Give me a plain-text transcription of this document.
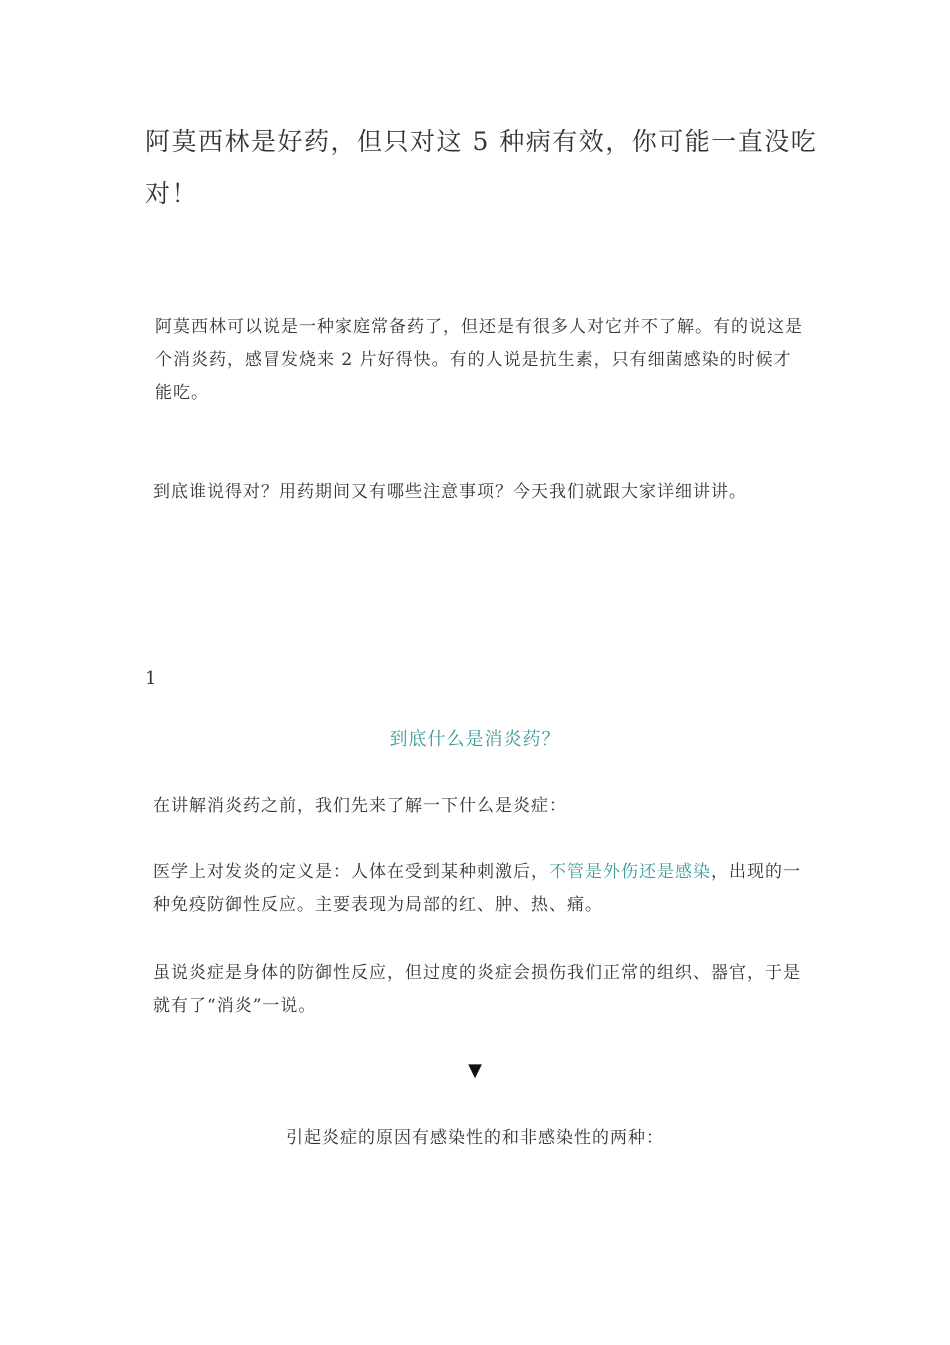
阿莫西林是好药，但只对这 5 种病有效，你可能一直没吃对！

阿莫西林可以说是一种家庭常备药了，但还是有很多人对它并不了解。有的说这是个消炎药，感冒发烧来 2 片好得快。有的人说是抗生素，只有细菌感染的时候才能吃。

到底谁说得对？用药期间又有哪些注意事项？今天我们就跟大家详细讲讲。

1
到底什么是消炎药？

在讲解消炎药之前，我们先来了解一下什么是炎症：

医学上对发炎的定义是：人体在受到某种刺激后，不管是外伤还是感染，出现的一种免疫防御性反应。主要表现为局部的红、肿、热、痛。

虽说炎症是身体的防御性反应，但过度的炎症会损伤我们正常的组织、器官，于是就有了“消炎”一说。

▼
引起炎症的原因有感染性的和非感染性的两种：
